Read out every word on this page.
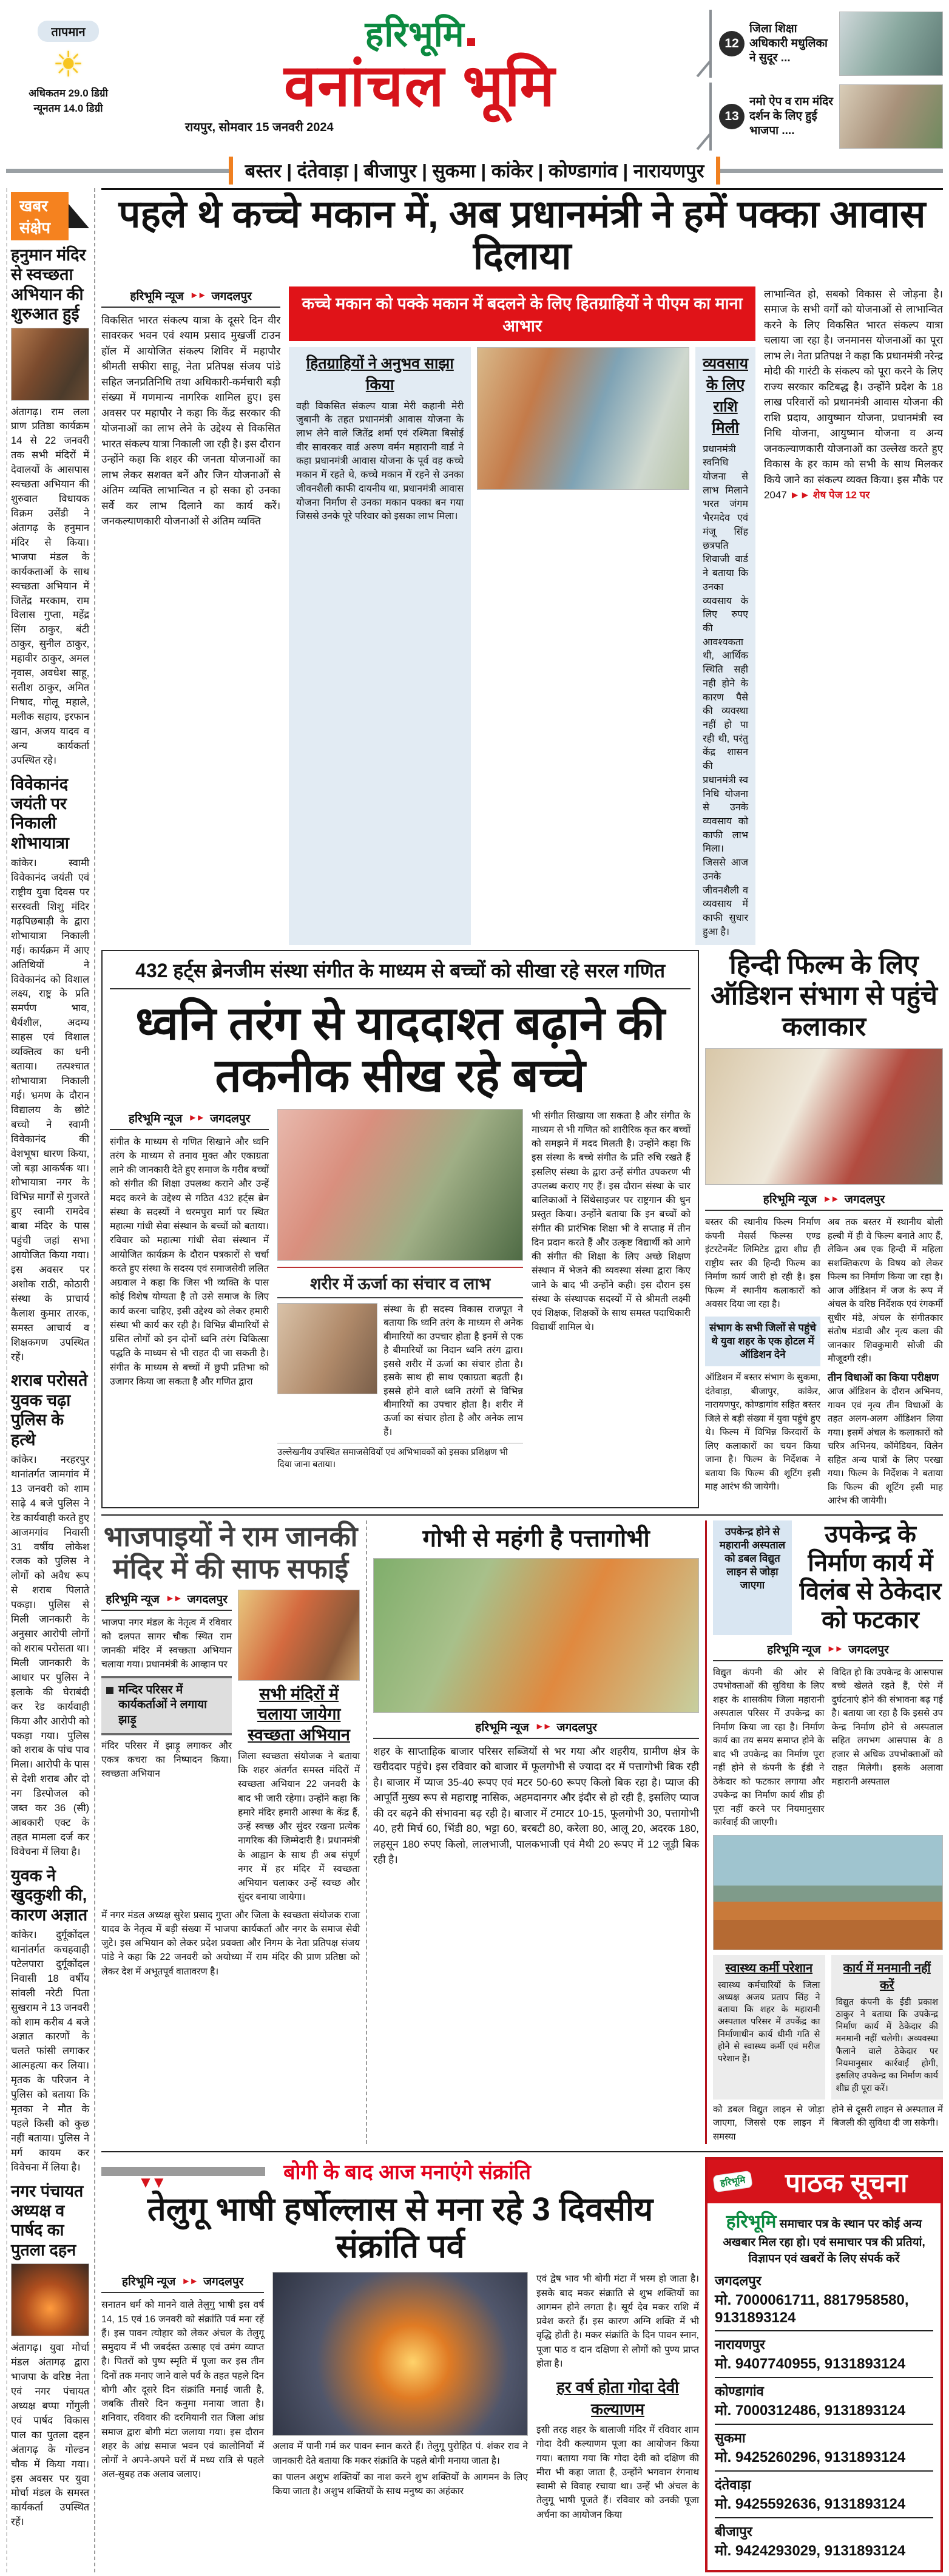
तापमान
☀
अधिकतम 29.0 डिग्री
न्यूनतम 14.0 डिग्री
हरिभूमि
वनांचल भूमि
रायपुर, सोमवार 15 जनवरी 2024
12
जिला शिक्षा अधिकारी मधुलिका ने सुदूर ...
13
नमो ऐप व राम मंदिर दर्शन के लिए हुई भाजपा ....
बस्तर | दंतेवाड़ा | बीजापुर | सुकमा | कांकेर | कोण्डागांव | नारायणपुर
खबर संक्षेप
हनुमान मंदिर से स्वच्छता अभियान की शुरुआत हुई
अंतागढ़। राम लला प्राण प्रतिष्ठा कार्यक्रम 14 से 22 जनवरी तक सभी मंदिरों में देवालयों के आसपास स्वच्छता अभियान की शुरुवात विधायक विक्रम उसेंडी ने अंतागढ़ के हनुमान मंदिर से किया। भाजपा मंडल के कार्यकताओं के साथ स्वच्छता अभियान में जितेंद्र मरकाम, राम विलास गुप्ता, महेंद्र सिंग ठाकुर, बंटी ठाकुर, सुनील ठाकुर, महावीर ठाकुर, अमल नृवास, अवधेश साहू, सतीश ठाकुर, अमित निषाद, गोलू महाले, मलीक सहाय, इरफान खान, अजय यादव व अन्य कार्यकर्ता उपस्थित रहे।
विवेकानंद जयंती पर निकाली शोभायात्रा
कांकेर। स्वामी विवेकानंद जयंती एवं राष्ट्रीय युवा दिवस पर सरस्वती शिशु मंदिर गढ़पिछबाड़ी के द्वारा शोभायात्रा निकाली गई। कार्यक्रम में आए अतिथियों ने विवेकानंद को विशाल लक्ष्य, राष्ट्र के प्रति समर्पण भाव, धैर्यशील, अदम्य साहस एवं विशाल व्यक्तित्व का धनी बताया। तत्पश्चात शोभायात्रा निकाली गई। भ्रमण के दौरान विद्यालय के छोटे बच्चो ने स्वामी विवेकानंद की वेशभूषा धारण किया, जो बड़ा आकर्षक था। शोभायात्रा नगर के विभिन्न मार्गों से गुजरते हुए स्वामी रामदेव बाबा मंदिर के पास पहुंची जहां सभा आयोजित किया गया। इस अवसर पर अशोक राठी, कोठारी संस्था के प्राचार्य कैलाश कुमार तारक, समस्त आचार्य व शिक्षकगण उपस्थित रहें।
शराब परोसते युवक चढ़ा पुलिस के हत्थे
कांकेर। नरहरपुर थानांतर्गत जामगांव में 13 जनवरी को शाम साढ़े 4 बजे पुलिस ने रेड कार्यवाही करते हुए आजमगांव निवासी 31 वर्षीय लोकेश रजक को पुलिस ने लोगों को अवैध रूप से शराब पिलाते पकड़ा। पुलिस से मिली जानकारी के अनुसार आरोपी लोगों को शराब परोसता था। मिली जानकारी के आधार पर पुलिस ने इलाके की घेराबंदी कर रेड कार्यवाही किया और आरोपी को पकड़ा गया। पुलिस को शराब के पांच पाव मिला। आरोपी के पास से देशी शराब और दो नग डिस्पोजल को जब्त कर 36 (सी) आबकारी एक्ट के तहत मामला दर्ज कर विवेचना में लिया है।
युवक ने खुदकुशी की, कारण अज्ञात
कांकेर। दुर्गूकोंदल थानांतर्गत कचहवाही पटेलपारा दुर्गूकोंदल निवासी 18 वर्षीय सांवली नरेटी पिता सुखराम ने 13 जनवरी को शाम करीब 4 बजे अज्ञात कारणों के चलते फांसी लगाकर आत्महत्या कर लिया। मृतक के परिजन ने पुलिस को बताया कि मृतका ने मौत के पहले किसी को कुछ नहीं बताया। पुलिस ने मर्ग कायम कर विवेचना में लिया है।
नगर पंचायत अध्यक्ष व पार्षद का पुतला दहन
अंतागढ़। युवा मोर्चा मंडल अंतागढ़ द्वारा भाजपा के वरिष्ठ नेता एवं नगर पंचायत अध्यक्ष बप्पा गोंगुली एवं पार्षद विकास पाल का पुतला दहन अंतागढ़ के गोल्डन चौक में किया गया। इस अवसर पर युवा मोर्चा मंडल के समस्त कार्यकर्ता उपस्थित रहें।
पहले थे कच्चे मकान में, अब प्रधानमंत्री ने हमें पक्का आवास दिलाया
हरिभूमि न्यूज ►► जगदलपुर

विकसित भारत संकल्प यात्रा के दूसरे दिन वीर सावरकर भवन एवं श्याम प्रसाद मुखर्जी टाउन हॉल में आयोजित संकल्प शिविर में महापौर श्रीमती सफीरा साहू, नेता प्रतिपक्ष संजय पांडे सहित जनप्रतिनिधि तथा अधिकारी-कर्मचारी बड़ी संख्या में गणमान्य नागरिक शामिल हुए। इस अवसर पर महापौर ने कहा कि केंद्र सरकार की योजनाओं का लाभ लेने के उद्देश्य से विकसित भारत संकल्प यात्रा निकाली जा रही है। इस दौरान उन्होंने कहा कि शहर की जनता योजनाओं का लाभ लेकर सशक्त बनें और जिन योजनाओं से अंतिम व्यक्ति लाभान्वित न हो सका हो उनका सर्वे कर लाभ दिलाने का कार्य करें। जनकल्याणकारी योजनाओं से अंतिम व्यक्ति

कच्चे मकान को पक्के मकान में बदलने के लिए हितग्राहियों ने पीएम का माना आभार
हितग्राहियों ने अनुभव साझा किया
वही विकसित संकल्प यात्रा मेरी कहानी मेरी जुबानी के तहत प्रधानमंत्री आवास योजना के लाभ लेने वाले जितेंद्र शर्मा एवं रश्मिता बिसोई वीर सावरकर वार्ड अरुण वर्मन महारानी वार्ड ने कहा प्रधानमंत्री आवास योजना के पूर्व वह कच्चे मकान में रहते थे, कच्चे मकान में रहने से उनका जीवनशैली काफी दायनीय था, प्रधानमंत्री आवास योजना निर्माण से उनका मकान पक्का बन गया जिससे उनके पूरे परिवार को इसका लाभ मिला।
व्यवसाय के लिए राशि मिली
प्रधानमंत्री स्वनिधि योजना से लाभ मिलाने भरत जंगम भैरमदेव एवं मंजू सिंह छत्रपति शिवाजी वार्ड ने बताया कि उनका व्यवसाय के लिए रुपए की आवश्यकता थी, आर्थिक स्थिति सही नही होने के कारण पैसे की व्यवस्था नहीं हो पा रही थी, परंतु केंद्र शासन की प्रधानमंत्री स्व निधि योजना से उनके व्यवसाय को काफी लाभ मिला। जिससे आज उनके जीवनशैली व व्यवसाय में काफी सुधार हुआ है।

लाभान्वित हो, सबको विकास से जोड़ना है। समाज के सभी वर्गों को योजनाओं से लाभान्वित करने के लिए विकसित भारत संकल्प यात्रा चलाया जा रहा है। जनमानस योजनाओं का पूरा लाभ ले। नेता प्रतिपक्ष ने कहा कि प्रधानमंत्री नरेन्द्र मोदी की गारंटी के संकल्प को पूरा करने के लिए राज्य सरकार कटिबद्ध है। उन्होंने प्रदेश के 18 लाख परिवारों को प्रधानमंत्री आवास योजना की राशि प्रदाय, आयुष्मान योजना, प्रधानमंत्री स्व निधि योजना, आयुष्मान योजना व अन्य जनकल्याणकारी योजनाओं का उल्लेख करते हुए विकास के हर काम को सभी के साथ मिलकर किये जाने का संकल्प व्यक्त किया। इस मौके पर 2047 ►► शेष पेज 12 पर

432 हर्ट्स ब्रेनजीम संस्था संगीत के माध्यम से बच्चों को सीखा रहे सरल गणित
ध्वनि तरंग से याददाश्त बढ़ाने की तकनीक सीख रहे बच्चे
हरिभूमि न्यूज ►► जगदलपुर

संगीत के माध्यम से गणित सिखाने और ध्वनि तरंग के माध्यम से तनाव मुक्त और एकाग्रता लाने की जानकारी देते हुए समाज के गरीब बच्चों को संगीत की शिक्षा उपलब्ध कराने और उन्हें मदद करने के उद्देश्य से गठित 432 हर्ट्स ब्रेन संस्था के सदस्यों ने धरमपुरा मार्ग पर स्थित महात्मा गांधी सेवा संस्थान के बच्चों को बताया। रविवार को महात्मा गांधी सेवा संस्थान में आयोजित कार्यक्रम के दौरान पत्रकारों से चर्चा करते हुए संस्था के सदस्य एवं समाजसेवी ललित अग्रवाल ने कहा कि जिस भी व्यक्ति के पास कोई विशेष योग्यता है तो उसे समाज के लिए कार्य करना चाहिए, इसी उद्देश्य को लेकर हमारी संस्था भी कार्य कर रही है। विभिन्न बीमारियों से ग्रसित लोगों को इन दोनों ध्वनि तरंग चिकित्सा पद्धति के माध्यम से भी राहत दी जा सकती है। संगीत के माध्यम से बच्चों में छुपी प्रतिभा को उजागर किया जा सकता है और गणित द्वारा

शरीर में ऊर्जा का संचार व लाभ
संस्था के ही सदस्य विकास राजपूत ने बताया कि ध्वनि तरंग के माध्यम से अनेक बीमारियों का उपचार होता है इनमें से एक है बीमारियों का निदान ध्वनि तरंग द्वारा। इससे शरीर में ऊर्जा का संचार होता है। इसके साथ ही साथ एकाग्रता बढ़ती है। इससे होने वाले ध्वनि तरंगों से विभिन्न बीमारियों का उपचार होता है। शरीर में ऊर्जा का संचार होता है और अनेक लाभ हैं।
उल्लेखनीय उपस्थित समाजसेवियों एवं अभिभावकों को इसका प्रशिक्षण भी दिया जाना बताया।

भी संगीत सिखाया जा सकता है और संगीत के माध्यम से भी गणित को शारीरिक कृत कर बच्चों को समझने में मदद मिलती है। उन्होंने कहा कि इस संस्था के बच्चे संगीत के प्रति रुचि रखते हैं इसलिए संस्था के द्वारा उन्हें संगीत उपकरण भी उपलब्ध कराए गए हैं। इस दौरान संस्था के चार बालिकाओं ने सिंथेसाइजर पर राष्ट्रगान की धुन प्रस्तुत किया। उन्होंने बताया कि इन बच्चों को संगीत की प्रारंभिक शिक्षा भी वे सप्ताह में तीन दिन प्रदान करते हैं और उत्कृष्ट विद्यार्थी को आगे की संगीत की शिक्षा के लिए अच्छे शिक्षण संस्थान में भेजने की व्यवस्था संस्था द्वारा किए जाने के बाद भी उन्होंने कही। इस दौरान इस संस्था के संस्थापक सदस्यों में से श्रीमती लक्ष्मी एवं शिक्षक, शिक्षकों के साथ समस्त पदाधिकारी विद्यार्थी शामिल थे।

हिन्दी फिल्म के लिए ऑडिशन संभाग से पहुंचे कलाकार
हरिभूमि न्यूज ►► जगदलपुर

बस्तर की स्थानीय फिल्म निर्माण कंपनी मेसर्स फिल्म्स एण्ड इंटरटेनमेंट लिमिटेड द्वारा शीघ्र ही राष्ट्रीय स्तर की हिन्दी फिल्म का निर्माण कार्य जारी हो रही है। इस फिल्म में स्थानीय कलाकारों को अवसर दिया जा रहा है।

संभाग के सभी जिलों से पहुंचे थे युवा शहर के एक होटल में ऑडिशन देने

ऑडिशन में बस्तर संभाग के सुकमा, दंतेवाड़ा, बीजापुर, कांकेर, नारायणपुर, कोण्डागांव सहित बस्तर जिले से बड़ी संख्या में युवा पहुंचे हुए थे। फिल्म में विभिन्न किरदारों के लिए कलाकारों का चयन किया जाना है। फिल्म के निर्देशक ने बताया कि फिल्म की शूटिंग इसी माह आरंभ की जायेगी।

अब तक बस्तर में स्थानीय बोली हल्बी में ही वे फिल्म बनाते आए हैं, लेकिन अब एक हिन्दी में महिला सशक्तिकरण के विषय को लेकर फिल्म का निर्माण किया जा रहा है। आज ऑडिशन में जज के रूप में अंचल के वरिष्ठ निर्देशक एवं रंगकर्मी सुधीर मंडे, अंचल के संगीतकार संतोष मंडावी और नृत्य कला की जानकार शिवकुमारी सोजी की मौजूदगी रही।

तीन विधाओं का किया परीक्षण

आज ऑडिशन के दौरान अभिनय, गायन एवं नृत्य तीन विधाओं के तहत अलग-अलग ऑडिशन लिया गया। इसमें अंचल के कलाकारों को चरित्र अभिनय, कॉमेडियन, विलेन सहित अन्य पात्रों के लिए परखा गया। फिल्म के निर्देशक ने बताया कि फिल्म की शूटिंग इसी माह आरंभ की जायेगी।

भाजपाइयों ने राम जानकी मंदिर में की साफ सफाई
हरिभूमि न्यूज ►► जगदलपुर

भाजपा नगर मंडल के नेतृत्व में रविवार को दलपत सागर चौक स्थित राम जानकी मंदिर में स्वच्छता अभियान चलाया गया। प्रधानमंत्री के आव्हान पर

मन्दिर परिसर में कार्यकर्ताओं ने लगाया झाड़ू

मंदिर परिसर में झाड़ू लगाकर और एकत्र कचरा का निष्पादन किया। स्वच्छता अभियान

सभी मंदिरों में चलाया जायेगा स्वच्छता अभियान

जिला स्वच्छता संयोजक ने बताया कि शहर अंतर्गत समस्त मंदिरों में स्वच्छता अभियान 22 जनवरी के बाद भी जारी रहेगा। उन्होंने कहा कि हमारे मंदिर हमारी आस्था के केंद्र हैं, उन्हें स्वच्छ और सुंदर रखना प्रत्येक नागरिक की जिम्मेदारी है। प्रधानमंत्री के आह्वान के साथ ही अब संपूर्ण नगर में हर मंदिर में स्वच्छता अभियान चलाकर उन्हें स्वच्छ और सुंदर बनाया जायेगा।

में नगर मंडल अध्यक्ष सुरेश प्रसाद गुप्ता और जिला के स्वच्छता संयोजक राजा यादव के नेतृत्व में बड़ी संख्या में भाजपा कार्यकर्ता और नगर के समाज सेवी जुटे। इस अभियान को लेकर प्रदेश प्रवक्ता और निगम के नेता प्रतिपक्ष संजय पांडे ने कहा कि 22 जनवरी को अयोध्या में राम मंदिर की प्राण प्रतिष्ठा को लेकर देश में अभूतपूर्व वातावरण है।

गोभी से महंगी है पत्तागोभी
हरिभूमि न्यूज ►► जगदलपुर

शहर के साप्ताहिक बाजार परिसर सब्जियों से भर गया और शहरीय, ग्रामीण क्षेत्र के खरीददार पहुंचे। इस रविवार को बाजार में फूलगोभी से ज्यादा दर में पत्तागोभी बिक रही है। बाजार में प्याज 35-40 रूपए एवं मटर 50-60 रूपए किलो बिक रहा है। प्याज की आपूर्ति मुख्य रूप से महाराष्ट्र नासिक, अहमदानगर और इंदौर से हो रही है, इसलिए प्याज की दर बढ़ने की संभावना बढ़ रही है। बाजार में टमाटर 10-15, फूलगोभी 30, पत्तागोभी 40, हरी मिर्च 60, भिंडी 80, भट्टा 60, बरबटी 80, करेला 80, आलू 20, अदरक 180, लहसून 180 रुपए किलो, लालभाजी, पालकभाजी एवं मैथी 20 रूपए में 12 जूड़ी बिक रही है।

उपकेन्द्र होने से महारानी अस्पताल को डबल विद्युत लाइन से जोड़ा जाएगा
उपकेन्द्र के निर्माण कार्य में विलंब से ठेकेदार को फटकार
हरिभूमि न्यूज ►► जगदलपुर

विद्युत कंपनी की ओर से उपभोक्ताओं की सुविधा के लिए शहर के शासकीय जिला महारानी अस्पताल परिसर में उपकेन्द्र का निर्माण किया जा रहा है। निर्माण कार्य का तय समय समाप्त होने के बाद भी उपकेन्द्र का निर्माण पूरा नहीं होने से कंपनी के ईडी ने ठेकेदार को फटकार लगाया और उपकेन्द्र का निर्माण कार्य शीघ्र ही पूरा नहीं करने पर नियमानुसार कार्रवाई की जाएगी।

विदित हो कि उपकेन्द्र के आसपास बच्चे खेलते रहते हैं, ऐसे में दुर्घटनाएं होने की संभावना बढ़ गई है। बताया जा रहा है कि इससे उप केन्द्र निर्माण होने से अस्पताल सहित लगभग आसपास के 8 हजार से अधिक उपभोक्ताओं को राहत मिलेगी। इसके अलावा महारानी अस्पताल

स्वास्थ्य कर्मी परेशान
स्वास्थ्य कर्मचारियों के जिला अध्यक्ष अजय प्रताप सिंह ने बताया कि शहर के महारानी अस्पताल परिसर में उपकेंद्र का निर्माणाधीन कार्य धीमी गति से होने से स्वास्थ्य कर्मी एवं मरीज परेशान हैं।
कार्य में मनमानी नहीं करें
विद्युत कंपनी के ईडी प्रकाश ठाकुर ने बताया कि उपकेन्द्र निर्माण कार्य में ठेकेदार की मनमानी नहीं चलेगी। अव्यवस्था फैलाने वाले ठेकेदार पर नियमानुसार कार्रवाई होगी, इसलिए उपकेन्द्र का निर्माण कार्य शीघ्र ही पूरा करें।

को डबल विद्युत लाइन से जोड़ा जाएगा, जिससे एक लाइन में समस्या

होने से दूसरी लाइन से अस्पताल में बिजली की सुविधा दी जा सकेगी।

▼▼	बोगी के बाद आज मनाएंगे संक्रांति
तेलुगू भाषी हर्षोल्लास से मना रहे 3 दिवसीय संक्रांति पर्व
हरिभूमि न्यूज ►► जगदलपुर

सनातन धर्म को मानने वाले तेलुगु भाषी इस वर्ष 14, 15 एवं 16 जनवरी को संक्रांति पर्व मना रहें हैं। इस पावन त्योहार को लेकर अंचल के तेलुगू समुदाय में भी जबर्दस्त उत्साह एवं उमंग व्याप्त है। पितरों को पुष्प स्मृति में पूजा कर इस तीन दिनों तक मनाए जाने वाले पर्व के तहत पहले दिन बोगी और दूसरे दिन संक्रांति मनाई जाती है, जबकि तीसरे दिन कनुमा मनाया जाता है। शनिवार, रविवार की दरमियानी रात जिला आंध्र समाज द्वारा बोगी मंटा जलाया गया। इस दौरान शहर के आंध्र समाज भवन एवं कालोनियों में लोगों ने अपने-अपने घरों में मध्य रात्रि से पहले अल-सुबह तक अलाव जलाए।

अलाव में पानी गर्म कर पावन स्नान करते हैं। तेलुगू पुरोहित पं. शंकर राव ने जानकारी देते बताया कि मकर संक्रांति के पहले बोगी मनाया जाता है।

का पालन अशुभ शक्तियों का नाश करने शुभ शक्तियों के आगमन के लिए किया जाता है। अशुभ शक्तियों के साथ मनुष्य का अहंकार

एवं द्वेष भाव भी बोगी मंटा में भस्म हो जाता है। इसके बाद मकर संक्राति से शुभ शक्तियों का आगमन होने लगता है। सूर्य देव मकर राशि में प्रवेश करते हैं। इस कारण अग्नि शक्ति में भी वृद्धि होती है। मकर संक्रांति के दिन पावन स्नान, पूजा पाठ व दान दक्षिणा से लोगों को पुण्य प्राप्त होता है।

हर वर्ष होता गोदा देवी कल्याणम

इसी तरह शहर के बालाजी मंदिर में रविवार शाम गोदा देवी कल्याणम पूजा का आयोजन किया गया। बताया गया कि गोदा देवी को दक्षिण की मीरा भी कहा जाता है, उन्होंने भगवान रंगनाथ स्वामी से विवाह रचाया था। उन्हें भी अंचल के तेलुगू भाषी पूजते हैं। रविवार को उनकी पूजा अर्चना का आयोजन किया

हरिभूमि	पाठक सूचना
हरिभूमि समाचार पत्र के स्थान पर कोई अन्य अखबार मिल रहा हो। एवं समाचार पत्र की प्रतियां, विज्ञापन एवं खबरों के लिए संपर्क करें
जगदलपुर
मो. 7000061711, 8817958580, 9131893124
नारायणपुर
मो. 9407740955, 9131893124
कोण्डागांव
मो. 7000312486, 9131893124
सुकमा
मो. 9425260296, 9131893124
दंतेवाड़ा
मो. 9425592636, 9131893124
बीजापुर
मो. 9424293029, 9131893124
